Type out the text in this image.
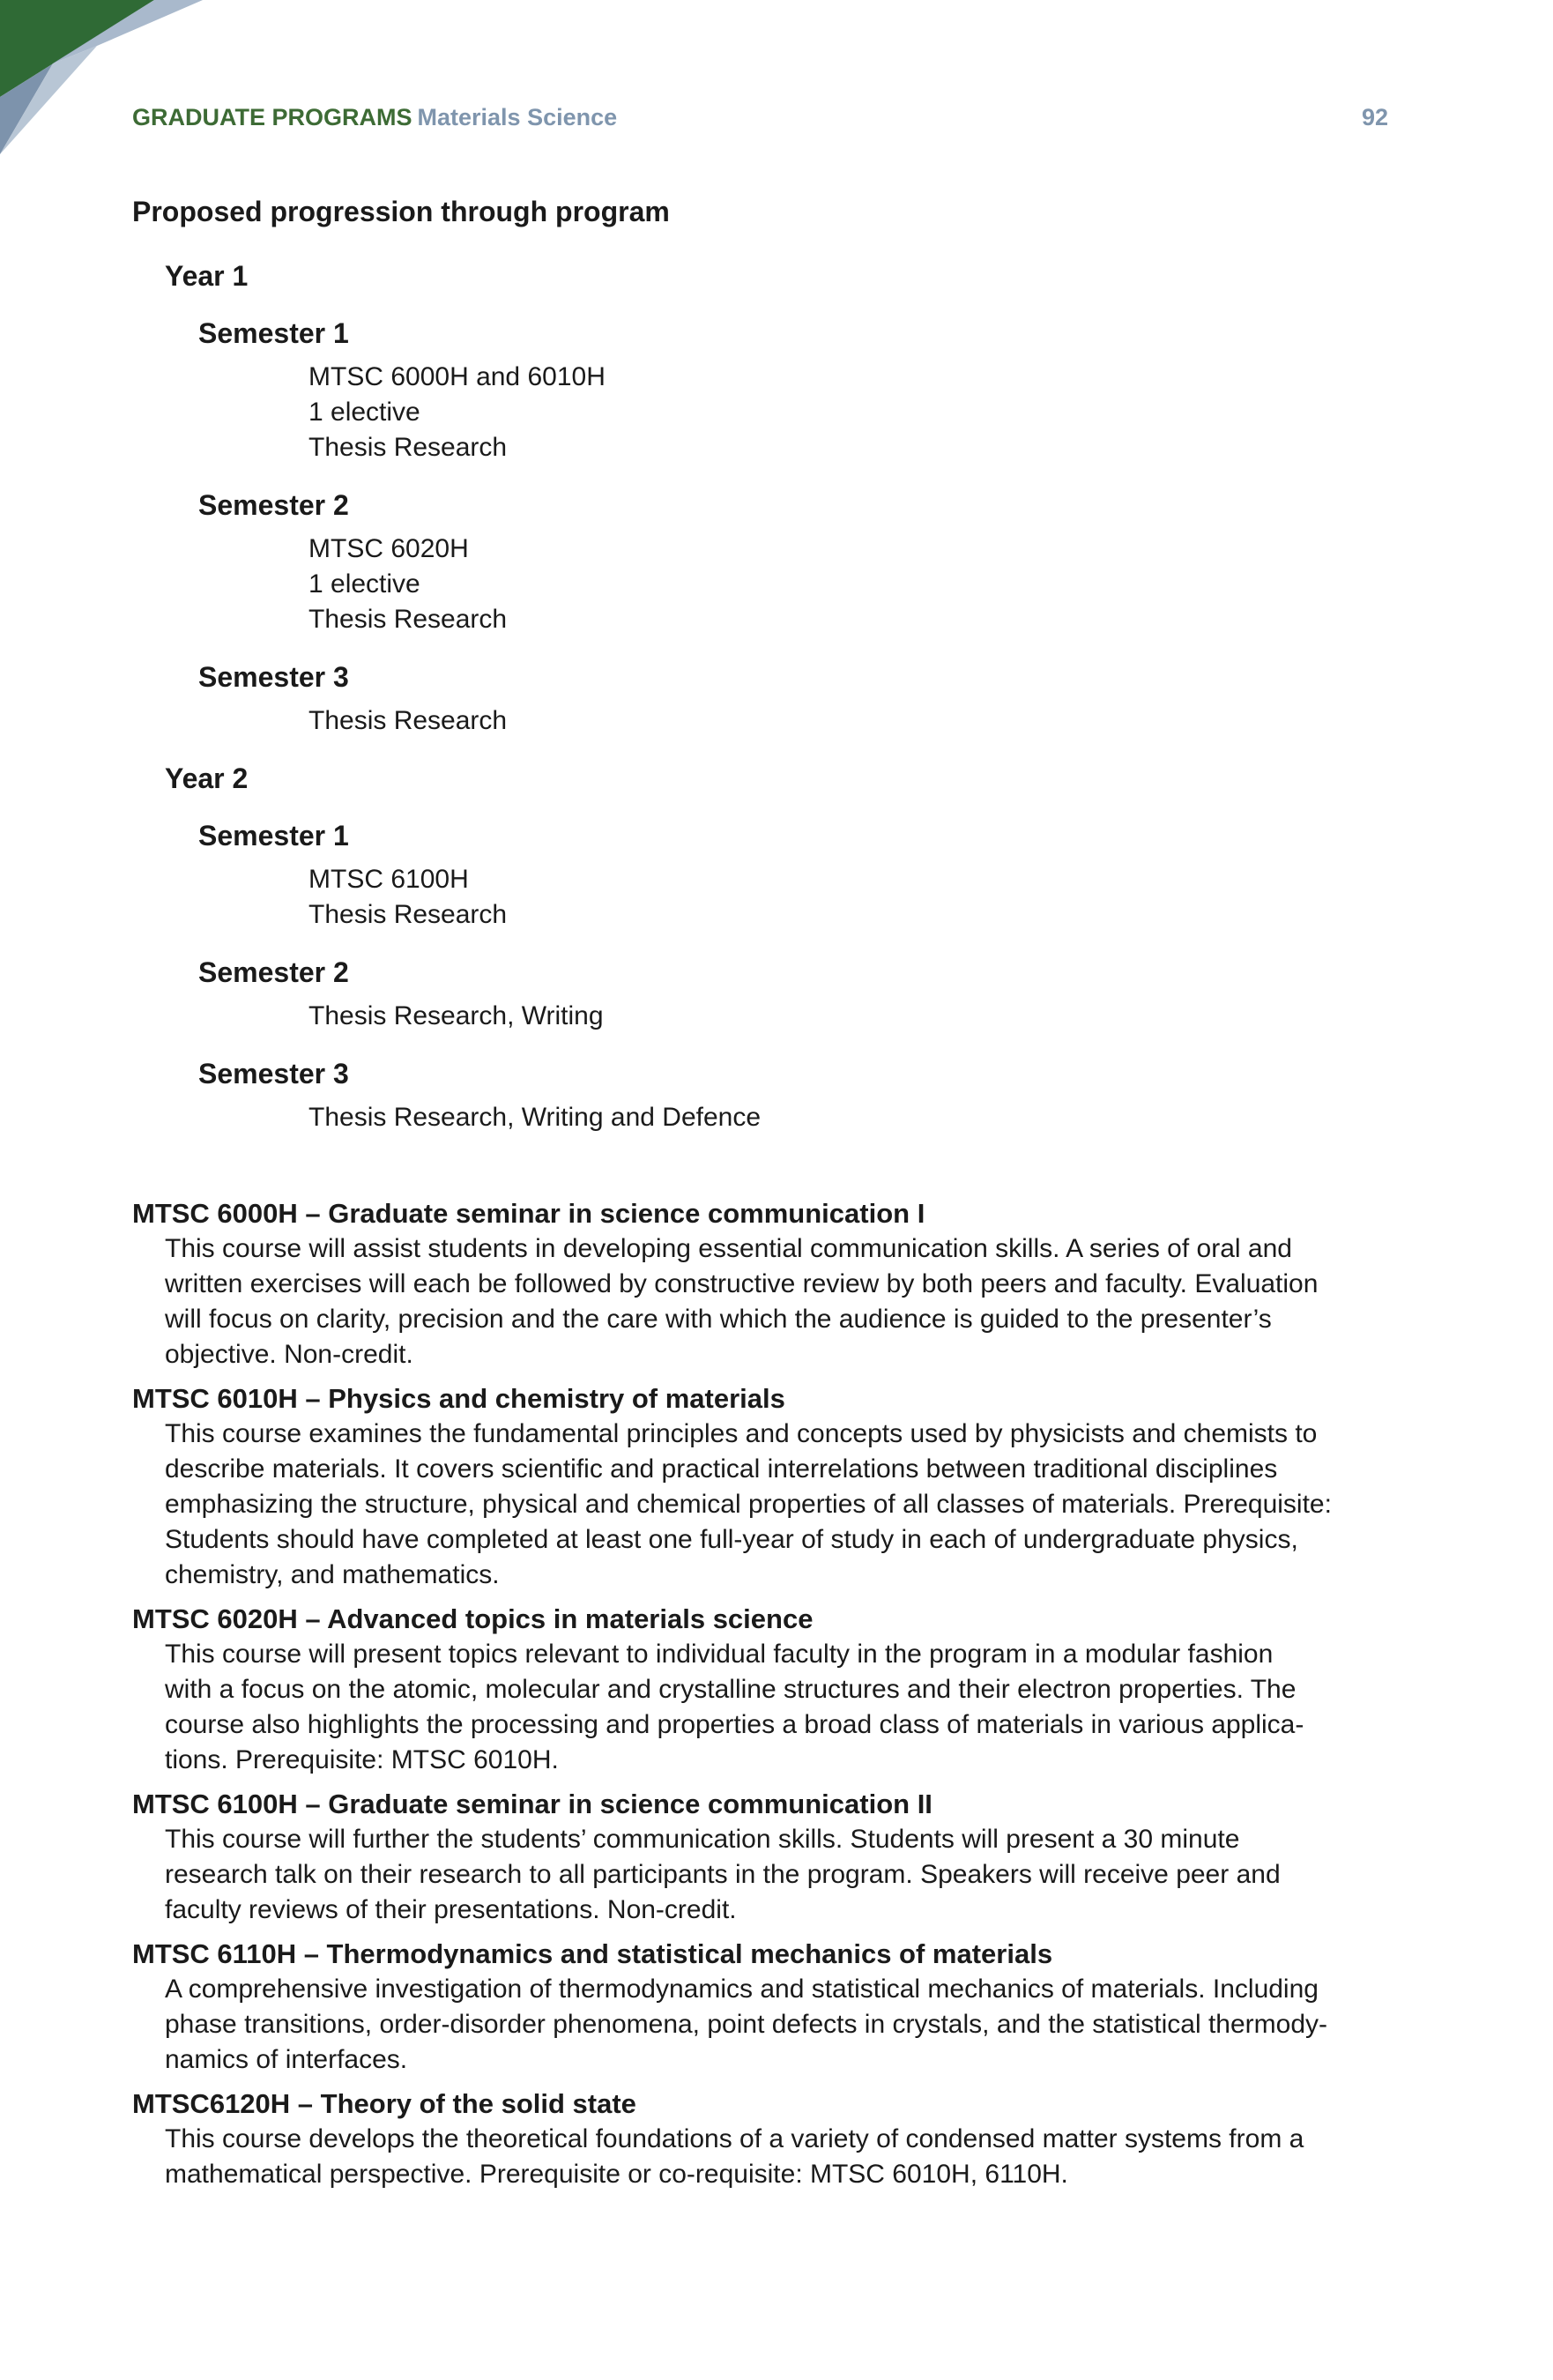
GRADUATE PROGRAMS Materials Science	92
Proposed progression through program
Year 1
Semester 1
MTSC 6000H and 6010H
1 elective
Thesis Research
Semester 2
MTSC 6020H
1 elective
Thesis Research
Semester 3
Thesis Research
Year 2
Semester 1
MTSC 6100H
Thesis Research
Semester 2
Thesis Research, Writing
Semester 3
Thesis Research, Writing and Defence
MTSC 6000H – Graduate seminar in science communication I
This course will assist students in developing essential communication skills. A series of oral and
written exercises will each be followed by constructive review by both peers and faculty. Evaluation
will focus on clarity, precision and the care with which the audience is guided to the presenter’s
objective. Non-credit.
MTSC 6010H – Physics and chemistry of materials
This course examines the fundamental principles and concepts used by physicists and chemists to
describe materials. It covers scientific and practical interrelations between traditional disciplines
emphasizing the structure, physical and chemical properties of all classes of materials. Prerequisite:
Students should have completed at least one full-year of study in each of undergraduate physics,
chemistry, and mathematics.
MTSC 6020H – Advanced topics in materials science
This course will present topics relevant to individual faculty in the program in a modular fashion
with a focus on the atomic, molecular and crystalline structures and their electron properties. The
course also highlights the processing and properties a broad class of materials in various applica-
tions. Prerequisite: MTSC 6010H.
MTSC 6100H – Graduate seminar in science communication II
This course will further the students’ communication skills. Students will present a 30 minute
research talk on their research to all participants in the program. Speakers will receive peer and
faculty reviews of their presentations. Non-credit.
MTSC 6110H – Thermodynamics and statistical mechanics of materials
A comprehensive investigation of thermodynamics and statistical mechanics of materials. Including
phase transitions, order-disorder phenomena, point defects in crystals, and the statistical thermody-
namics of interfaces.
MTSC6120H – Theory of the solid state
This course develops the theoretical foundations of a variety of condensed matter systems from a
mathematical perspective. Prerequisite or co-requisite: MTSC 6010H, 6110H.
